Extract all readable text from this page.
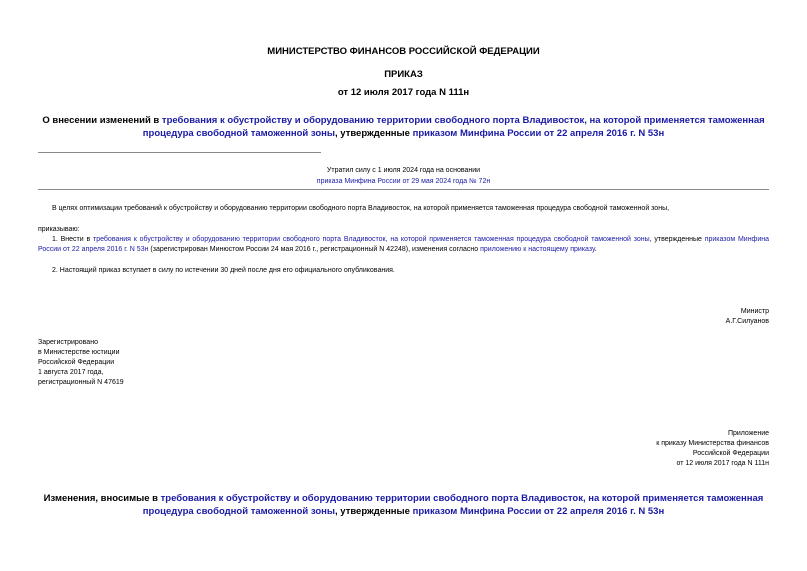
МИНИСТЕРСТВО ФИНАНСОВ РОССИЙСКОЙ ФЕДЕРАЦИИ
ПРИКАЗ
от 12 июля 2017 года N 111н
О внесении изменений в требования к обустройству и оборудованию территории свободного порта Владивосток, на которой применяется таможенная процедура свободной таможенной зоны, утвержденные приказом Минфина России от 22 апреля 2016 г. N 53н
Утратил силу с 1 июля 2024 года на основании
приказа Минфина России от 29 мая 2024 года № 72н
В целях оптимизации требований к обустройству и оборудованию территории свободного порта Владивосток, на которой применяется таможенная процедура свободной таможенной зоны,
приказываю:
1. Внести в требования к обустройству и оборудованию территории свободного порта Владивосток, на которой применяется таможенная процедура свободной таможенной зоны, утвержденные приказом Минфина России от 22 апреля 2016 г. N 53н (зарегистрирован Минюстом России 24 мая 2016 г., регистрационный N 42248), изменения согласно приложению к настоящему приказу.
2. Настоящий приказ вступает в силу по истечении 30 дней после дня его официального опубликования.
Министр
А.Г.Силуанов
Зарегистрировано
в Министерстве юстиции
Российской Федерации
1 августа 2017 года,
регистрационный N 47619
Приложение
к приказу Министерства финансов
Российской Федерации
от 12 июля 2017 года N 111н
Изменения, вносимые в требования к обустройству и оборудованию территории свободного порта Владивосток, на которой применяется таможенная процедура свободной таможенной зоны, утвержденные приказом Минфина России от 22 апреля 2016 г. N 53н
